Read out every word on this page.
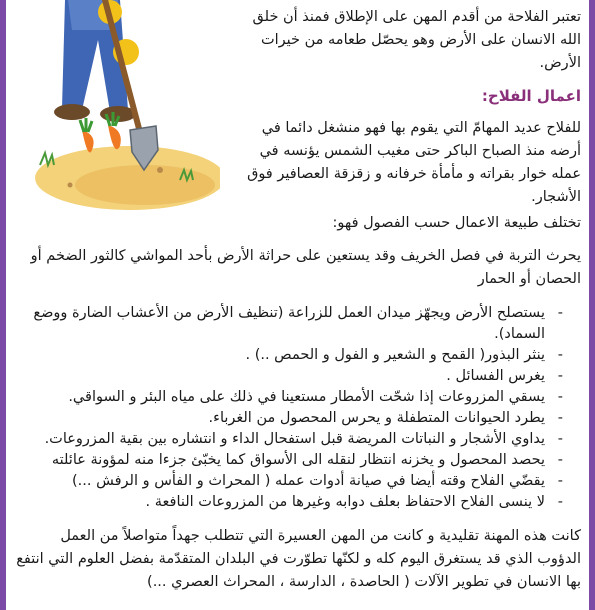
تعتبر الفلاحة من أقدم المهن على الإطلاق فمنذ أن خلق الله الانسان على الأرض وهو يحصّل طعامه من خيرات الأرض.

اعمال الفلاح:

للفلاح عديد المهامّ التي يقوم بها فهو منشغل دائما في أرضه منذ الصباح الباكر حتى مغيب الشمس يؤنسه في عمله خوار بقراته و مأمأة خرفانه و زقزقة العصافير فوق الأشجار.

تختلف طبيعة الاعمال حسب الفصول فهو:

يحرث التربة في فصل الخريف وقد يستعين على حراثة الأرض بأحد المواشي كالثور الضخم أو الحصان أو الحمار

- يستصلح الأرض ويجهّز ميدان العمل للزراعة (تنظيف الأرض من الأعشاب الضارة ووضع السماد).
- ينثر البذور( القمح و الشعير و الفول و الحمص ..) .
- يغرس الفسائل .
- يسقي المزروعات إذا شحّت الأمطار مستعينا في ذلك على مياه البئر و السواقي.
- يطرد الحيوانات المتطفلة و يحرس المحصول من الغرباء.
- يداوي الأشجار و النباتات المريضة قبل استفحال الداء و انتشاره بين بقية المزروعات.
- يحصد المحصول و يخزنه انتظار لنقله الى الأسواق كما يخبّئ جزءا منه لمؤونة عائلته
- يقضّي الفلاح وقته أيضا في صيانة أدوات عمله ( المحراث و الفأس و الرفش ...)
- لا ينسى الفلاح الاحتفاظ بعلف دوابه وغيرها من المزروعات النافعة .

كانت هذه المهنة تقليدية و كانت من المهن العسيرة التي تتطلب جهداً متواصلاً من العمل الدؤوب الذي قد يستغرق اليوم كله و لكنّها تطوّرت في البلدان المتقدّمة بفضل العلوم التي انتفع بها الانسان في تطوير الآلات ( الحاصدة ، الدارسة ، المحراث العصري ...)
